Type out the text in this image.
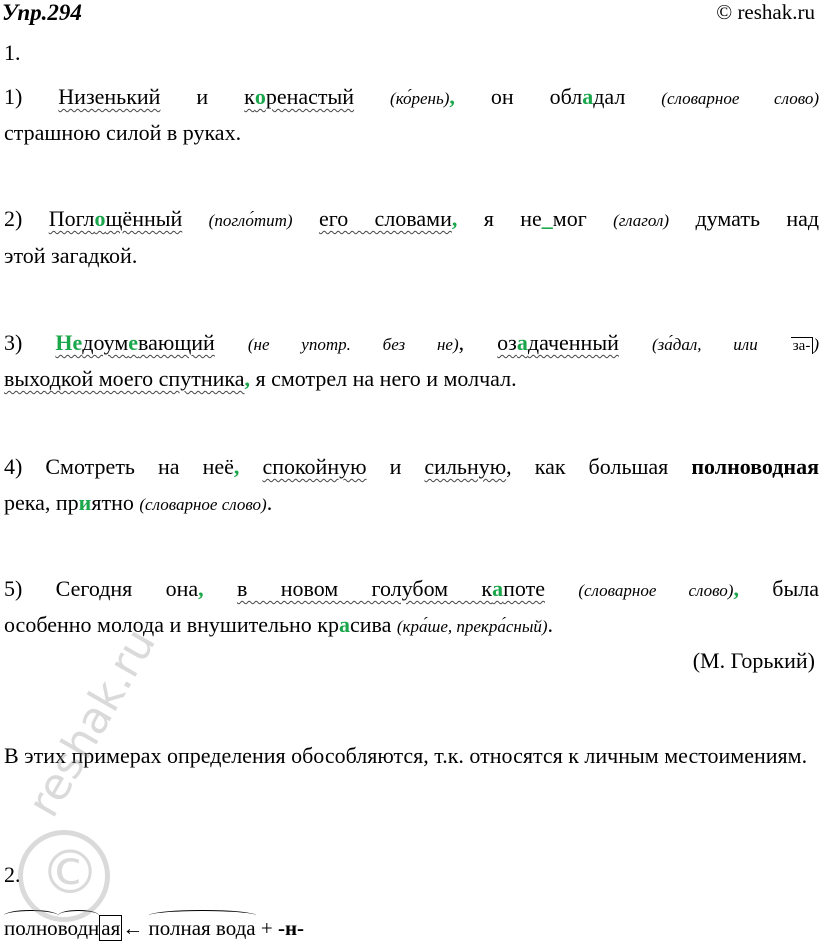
Упр.294	© reshak.ru
1.
1) Низенький и коренастый (ко́рень), он обладал (словарное слово)
страшною силой в руках.
2) Поглощённый (погло́тит) его словами, я не_мог (глагол) думать над
этой загадкой.
3) Недоумевающий (не употр. без не), озадаченный (за́дал, или за- )
выходкой моего спутника, я смотрел на него и молчал.
4) Смотреть на неё, спокойную и сильную, как большая полноводная
река, приятно (словарное слово).
5) Сегодня она, в новом голубом капоте (словарное слово), была
особенно молода и внушительно красива (кра́ше, прекра́сный).
(М. Горький)
В этих примерах определения обособляются, т.к. относятся к личным местоимениям.
2.
полноводная← полная вода + -н-
©
reshak.ru
